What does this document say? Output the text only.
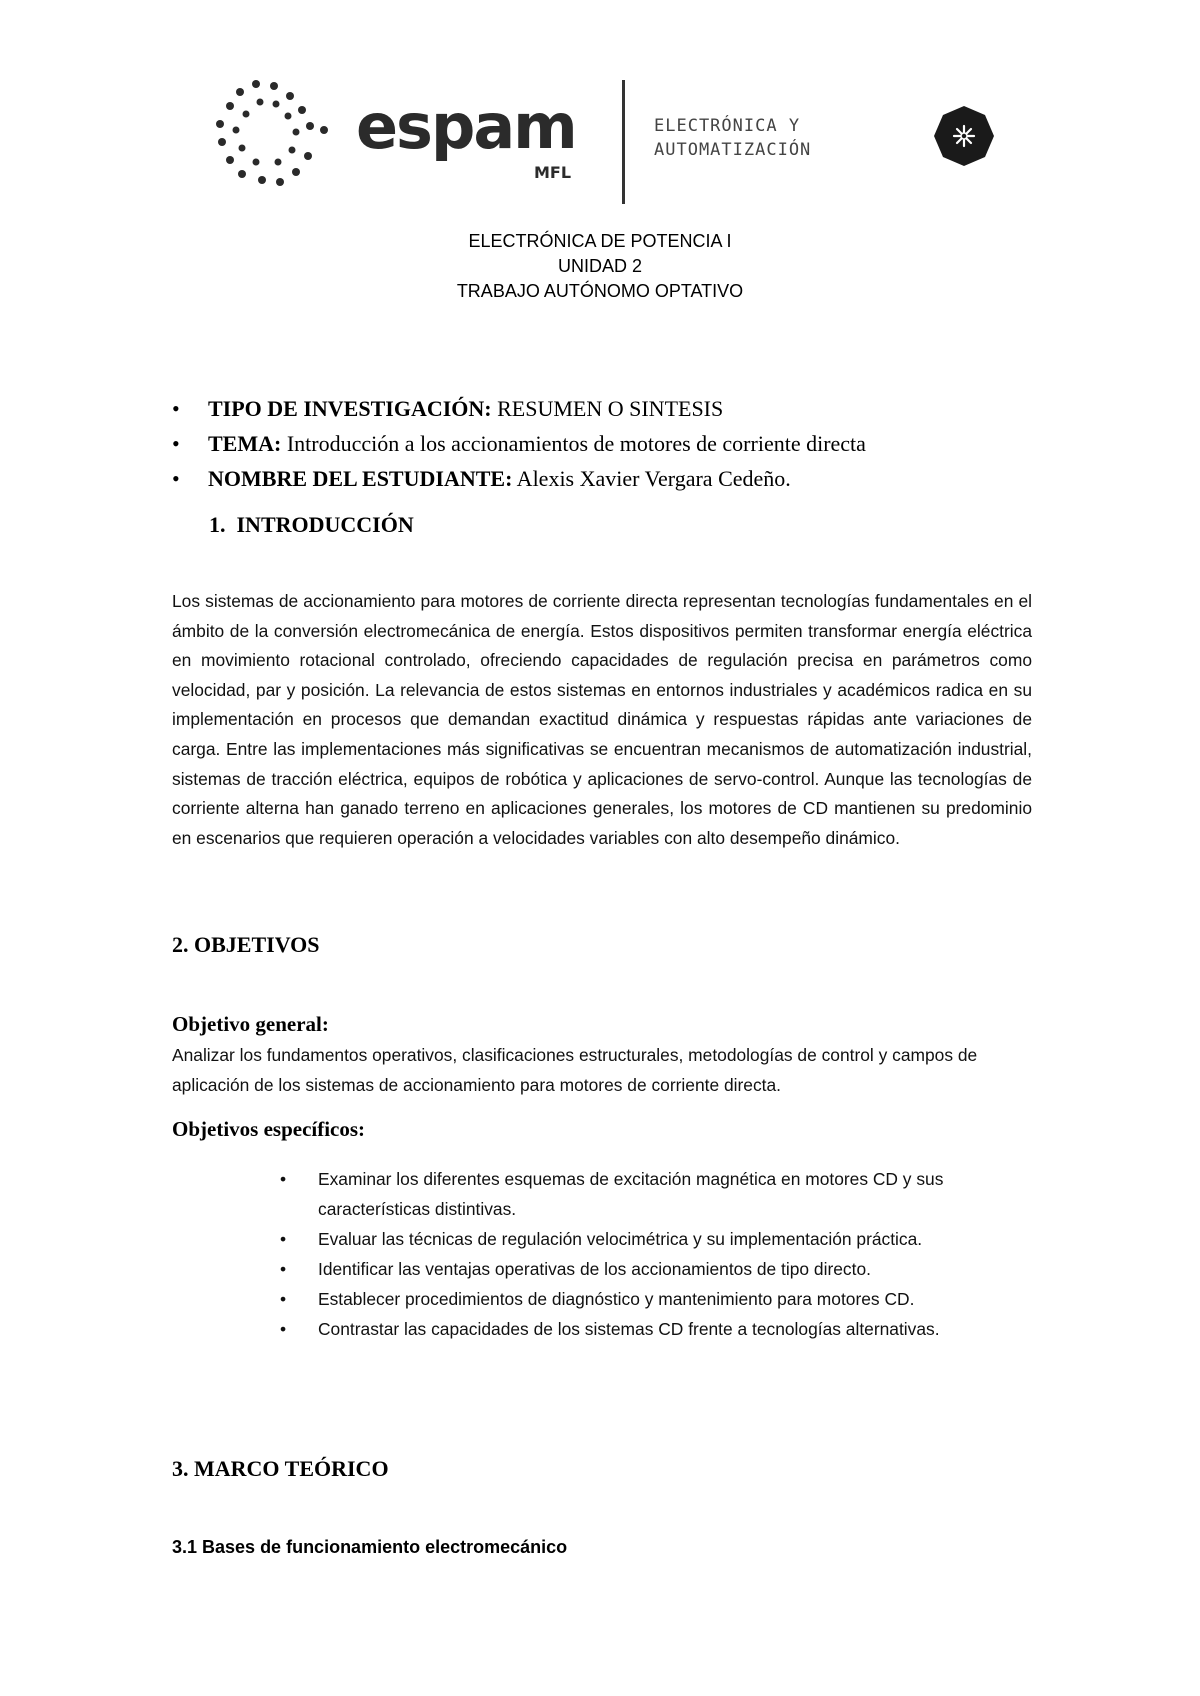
espam
MFL
ELECTRÓNICA Y
AUTOMATIZACIÓN
ELECTRÓNICA DE POTENCIA I
UNIDAD 2
TRABAJO AUTÓNOMO OPTATIVO
• TIPO DE INVESTIGACIÓN: RESUMEN O SINTESIS
• TEMA: Introducción a los accionamientos de motores de corriente directa
• NOMBRE DEL ESTUDIANTE: Alexis Xavier Vergara Cedeño.
1. INTRODUCCIÓN

Los sistemas de accionamiento para motores de corriente directa representan tecnologías fundamentales en el ámbito de la conversión electromecánica de energía. Estos dispositivos permiten transformar energía eléctrica en movimiento rotacional controlado, ofreciendo capacidades de regulación precisa en parámetros como velocidad, par y posición. La relevancia de estos sistemas en entornos industriales y académicos radica en su implementación en procesos que demandan exactitud dinámica y respuestas rápidas ante variaciones de carga. Entre las implementaciones más significativas se encuentran mecanismos de automatización industrial, sistemas de tracción eléctrica, equipos de robótica y aplicaciones de servo-control. Aunque las tecnologías de corriente alterna han ganado terreno en aplicaciones generales, los motores de CD mantienen su predominio en escenarios que requieren operación a velocidades variables con alto desempeño dinámico.

2. OBJETIVOS
Objetivo general:

Analizar los fundamentos operativos, clasificaciones estructurales, metodologías de control y campos de aplicación de los sistemas de accionamiento para motores de corriente directa.

Objetivos específicos:
• Examinar los diferentes esquemas de excitación magnética en motores CD y sus características distintivas.
• Evaluar las técnicas de regulación velocimétrica y su implementación práctica.
• Identificar las ventajas operativas de los accionamientos de tipo directo.
• Establecer procedimientos de diagnóstico y mantenimiento para motores CD.
• Contrastar las capacidades de los sistemas CD frente a tecnologías alternativas.
3. MARCO TEÓRICO
3.1 Bases de funcionamiento electromecánico
